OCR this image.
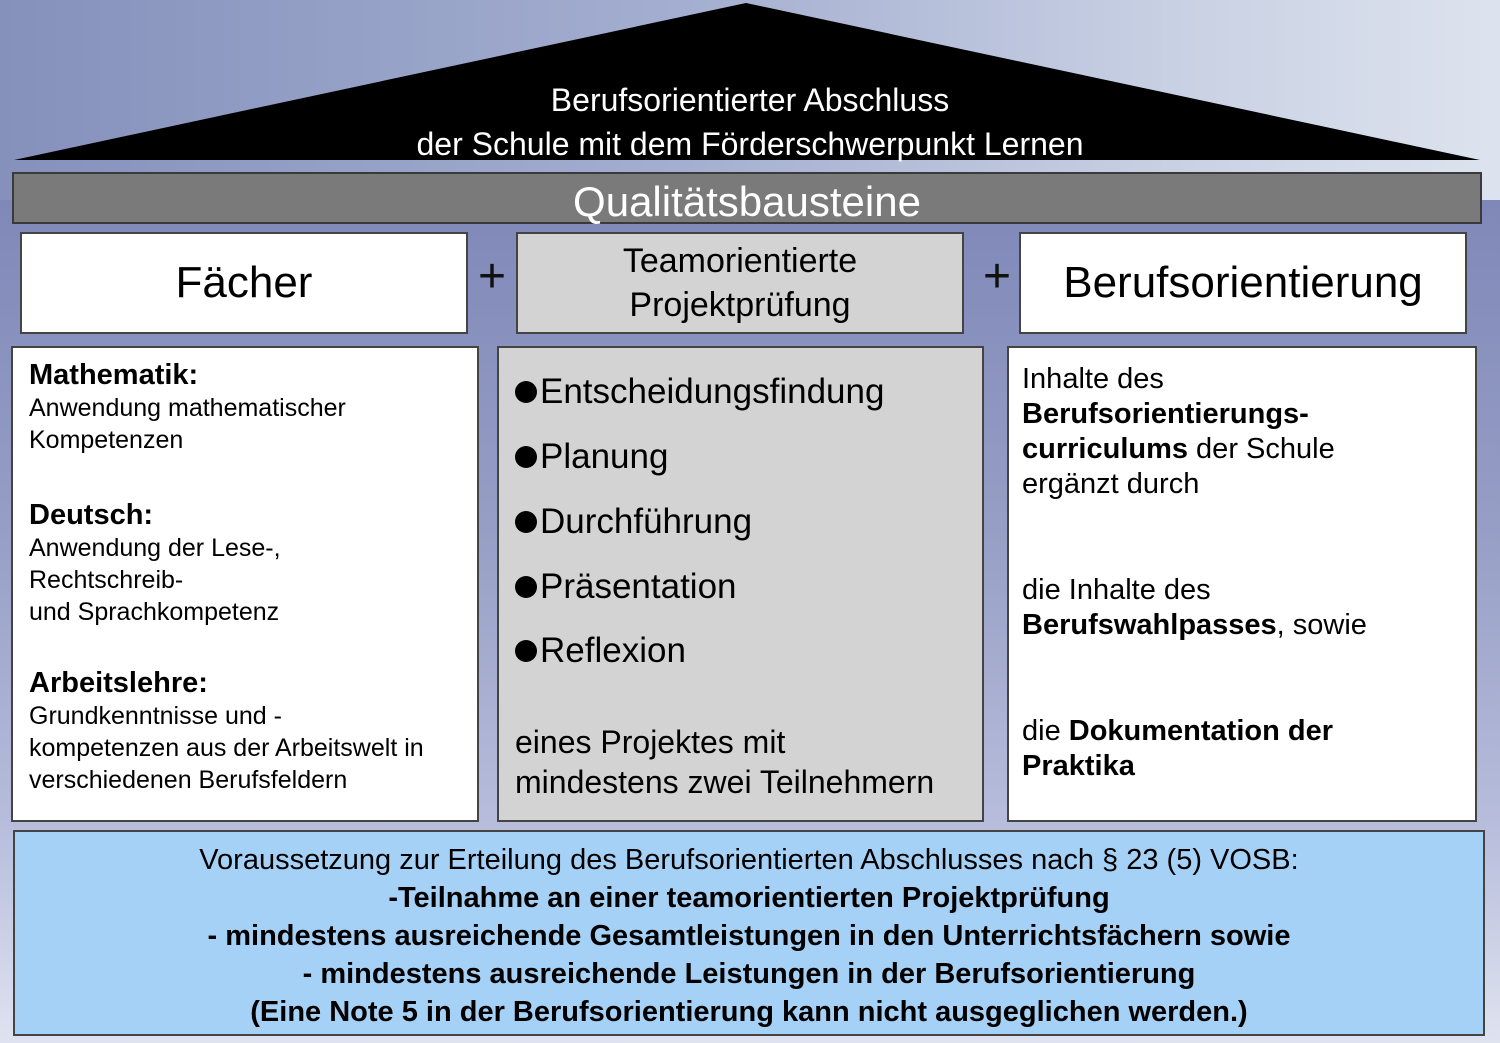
Berufsorientierter Abschluss
der Schule mit dem Förderschwerpunkt Lernen
Qualitätsbausteine
Fächer	+	Teamorientierte
Projektprüfung
+ Berufsorientierung
Mathematik:
Anwendung mathematischer
Kompetenzen
Deutsch:
Anwendung der Lese-,
Rechtschreib-
und Sprachkompetenz
Arbeitslehre:
Grundkenntnisse und -
kompetenzen aus der Arbeitswelt in
verschiedenen Berufsfeldern
Entscheidungsfindung
Planung
Durchführung
Präsentation
Reflexion
eines Projektes mit
mindestens zwei Teilnehmern
Inhalte des
Berufsorientierungs-
curriculums der Schule
ergänzt durch
die Inhalte des
Berufswahlpasses, sowie
die Dokumentation der
Praktika
Voraussetzung zur Erteilung des Berufsorientierten Abschlusses nach § 23 (5) VOSB:
-Teilnahme an einer teamorientierten Projektprüfung
- mindestens ausreichende Gesamtleistungen in den Unterrichtsfächern sowie
- mindestens ausreichende Leistungen in der Berufsorientierung
(Eine Note 5 in der Berufsorientierung kann nicht ausgeglichen werden.)
